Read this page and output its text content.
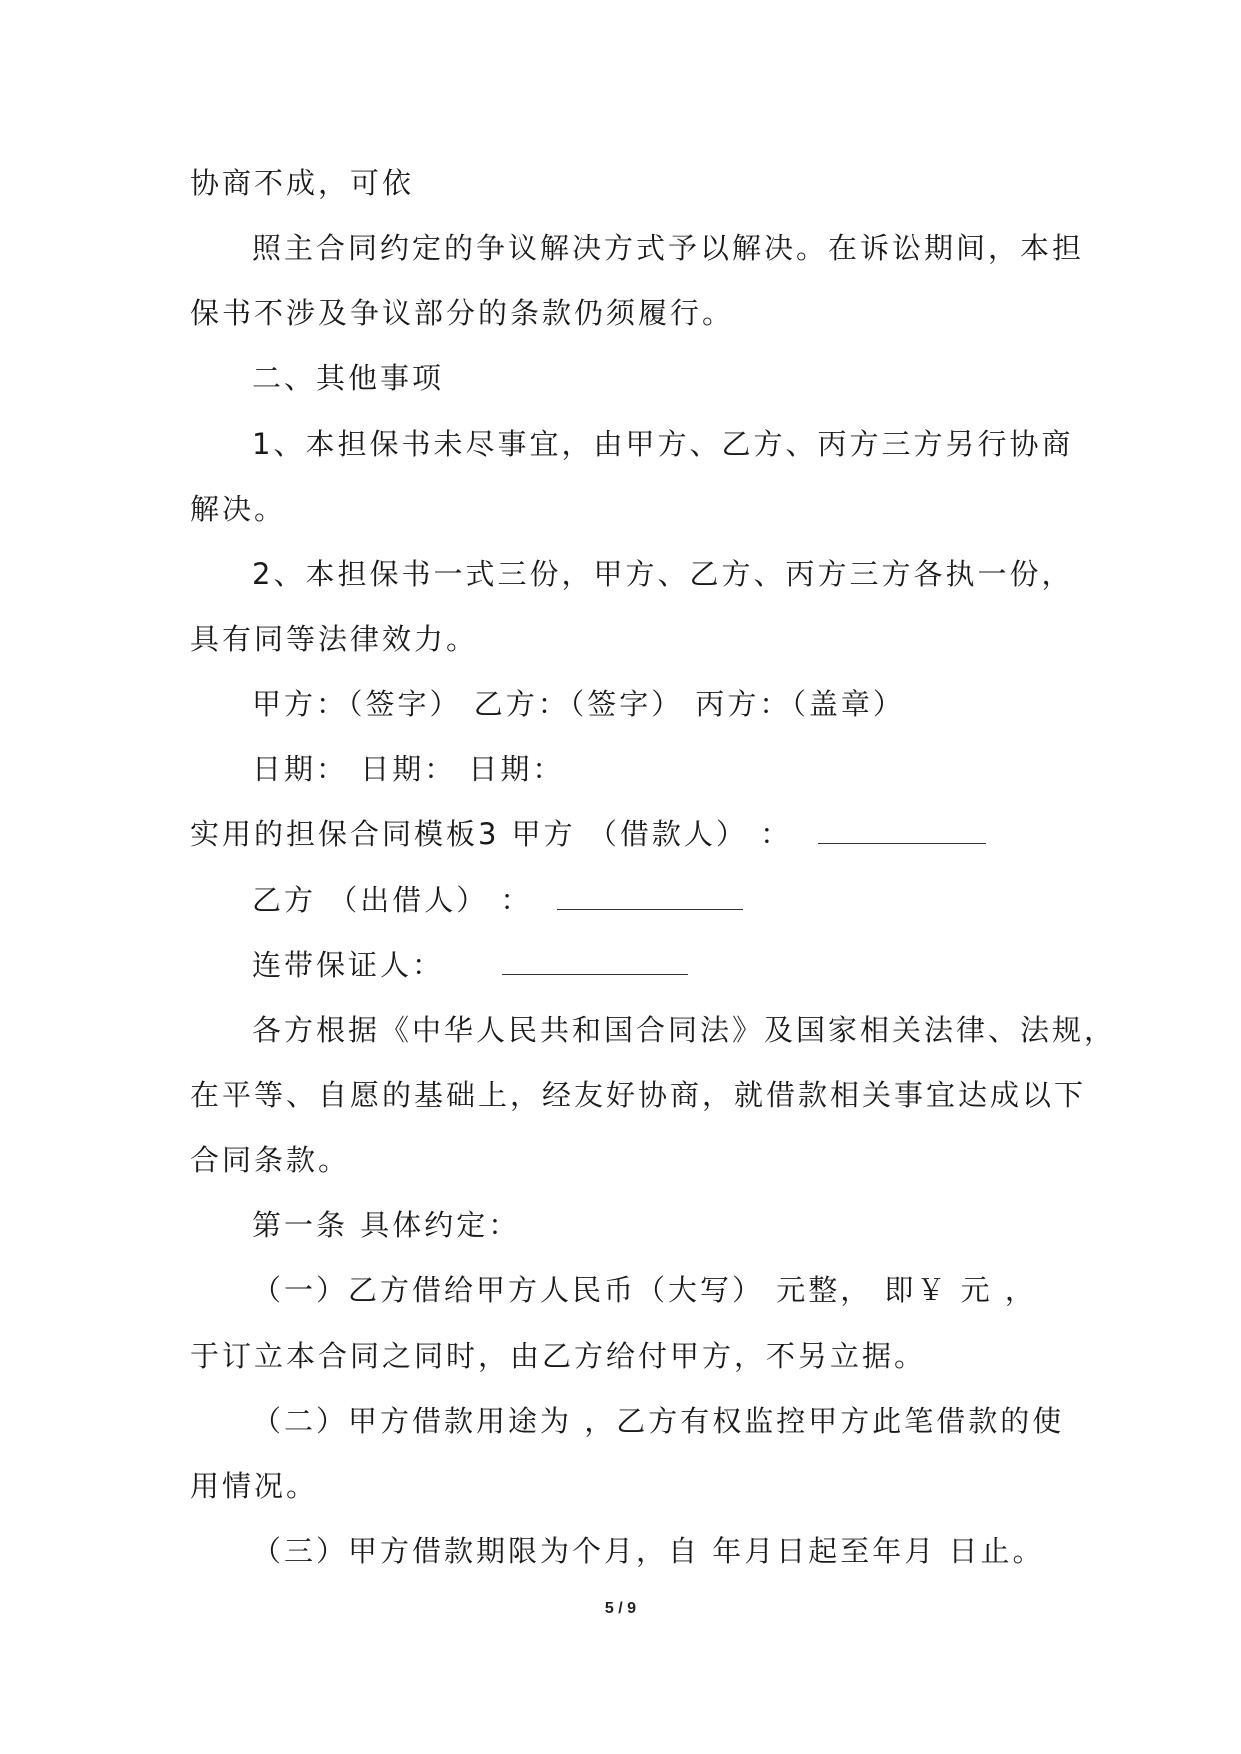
协商不成，可依
照主合同约定的争议解决方式予以解决。在诉讼期间，本担
保书不涉及争议部分的条款仍须履行。
二、其他事项
1、本担保书未尽事宜，由甲方、乙方、丙方三方另行协商
解决。
2、本担保书一式三份，甲方、乙方、丙方三方各执一份，
具有同等法律效力。
甲方：（签字） 乙方：（签字） 丙方：（盖章）
日期： 日期： 日期：
实用的担保合同模板3 甲方 （借款人） ：
乙方 （出借人） ：
连带保证人：
各方根据《中华人民共和国合同法》及国家相关法律、法规，
在平等、自愿的基础上，经友好协商，就借款相关事宜达成以下
合同条款。
第一条 具体约定：
（一）乙方借给甲方人民币（大写） 元整， 即￥ 元 ，
于订立本合同之同时，由乙方给付甲方，不另立据。
（二）甲方借款用途为 ，乙方有权监控甲方此笔借款的使
用情况。
（三）甲方借款期限为个月，自 年月日起至年月 日止。
5 / 9
